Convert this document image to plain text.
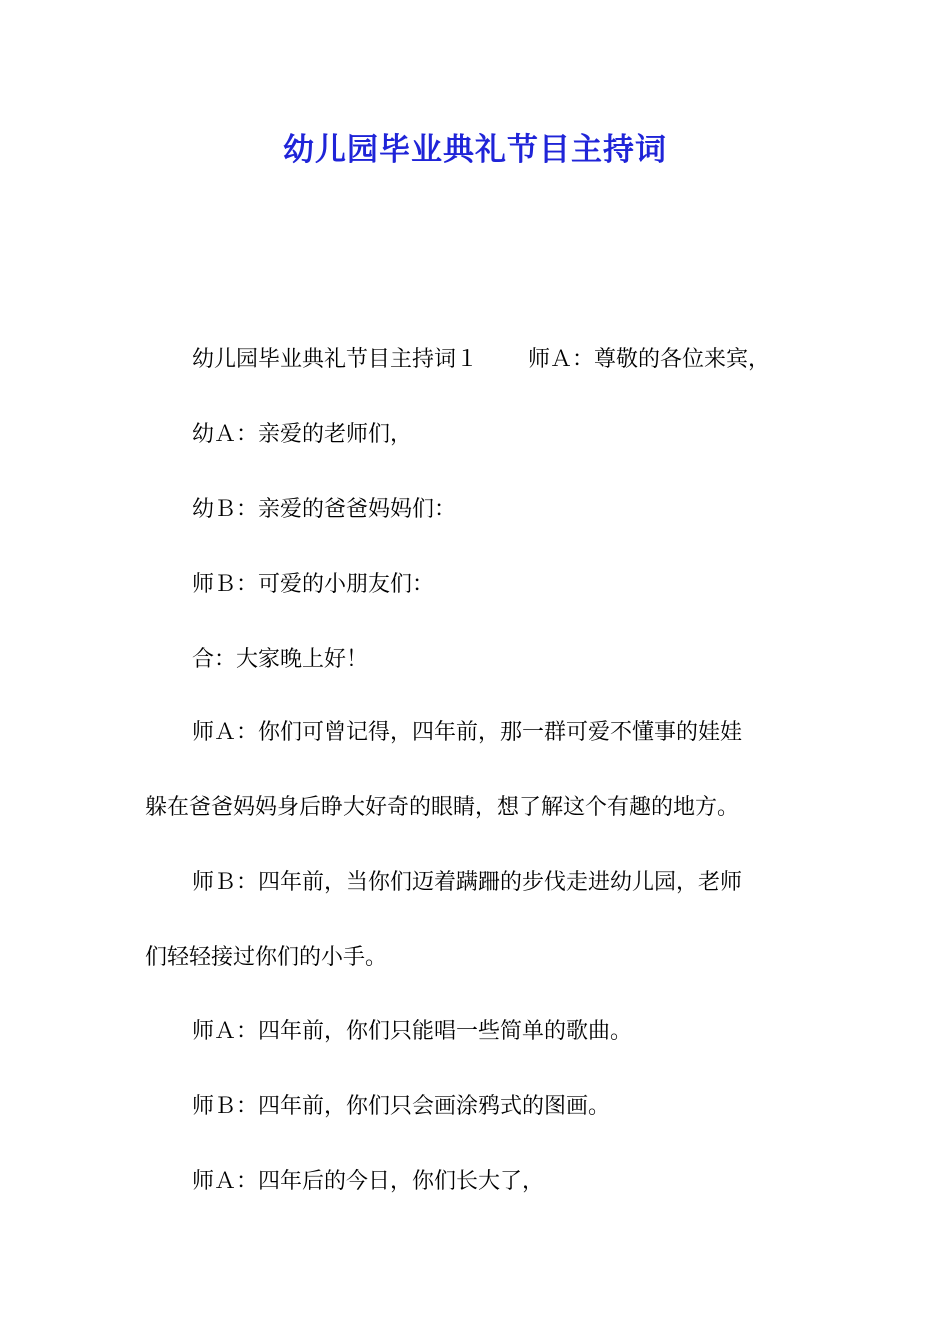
幼儿园毕业典礼节目主持词
幼儿园毕业典礼节目主持词１ 师Ａ：尊敬的各位来宾，
幼Ａ：亲爱的老师们，
幼Ｂ：亲爱的爸爸妈妈们：
师Ｂ：可爱的小朋友们：
合：大家晚上好！
师Ａ：你们可曾记得，四年前，那一群可爱不懂事的娃娃
躲在爸爸妈妈身后睁大好奇的眼睛，想了解这个有趣的地方。
师Ｂ：四年前，当你们迈着蹒跚的步伐走进幼儿园，老师
们轻轻接过你们的小手。
师Ａ：四年前，你们只能唱一些简单的歌曲。
师Ｂ：四年前，你们只会画涂鸦式的图画。
师Ａ：四年后的今日，你们长大了，
